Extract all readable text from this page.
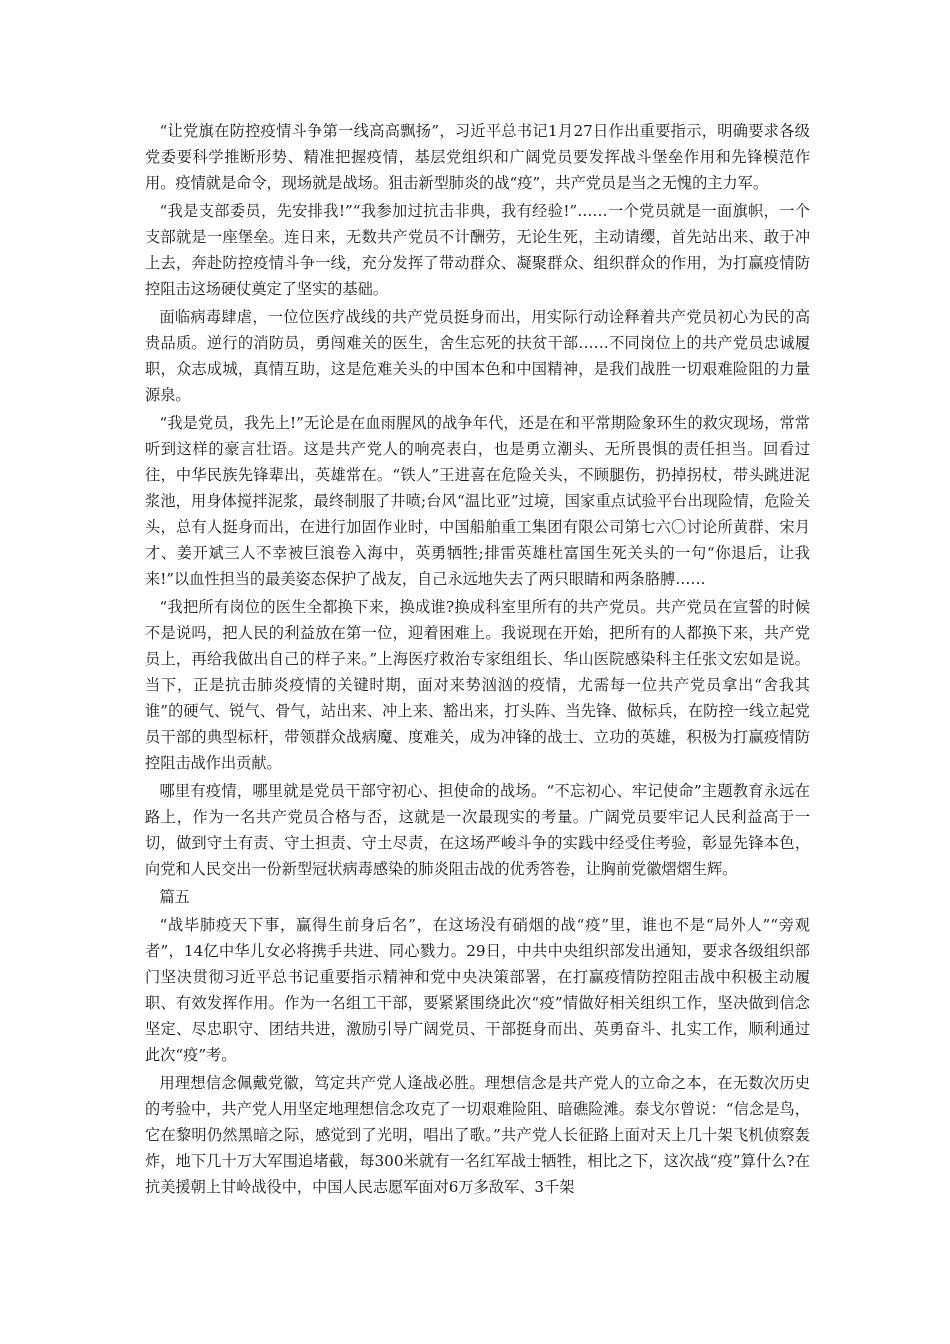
“让党旗在防控疫情斗争第一线高高飘扬”，习近平总书记1月27日作出重要指示，明确要求各级党委要科学推断形势、精准把握疫情，基层党组织和广阔党员要发挥战斗堡垒作用和先锋模范作用。疫情就是命令，现场就是战场。狙击新型肺炎的战“疫”，共产党员是当之无愧的主力军。

“我是支部委员，先安排我!”“我参加过抗击非典，我有经验!”……一个党员就是一面旗帜，一个支部就是一座堡垒。连日来，无数共产党员不计酬劳，无论生死，主动请缨，首先站出来、敢于冲上去，奔赴防控疫情斗争一线，充分发挥了带动群众、凝聚群众、组织群众的作用，为打赢疫情防控阻击这场硬仗奠定了坚实的基础。

面临病毒肆虐，一位位医疗战线的共产党员挺身而出，用实际行动诠释着共产党员初心为民的高贵品质。逆行的消防员，勇闯难关的医生，舍生忘死的扶贫干部……不同岗位上的共产党员忠诚履职，众志成城，真情互助，这是危难关头的中国本色和中国精神，是我们战胜一切艰难险阻的力量源泉。

“我是党员，我先上!”无论是在血雨腥风的战争年代，还是在和平常期险象环生的救灾现场，常常听到这样的豪言壮语。这是共产党人的响亮表白，也是勇立潮头、无所畏惧的责任担当。回看过往，中华民族先锋辈出，英雄常在。“铁人”王进喜在危险关头，不顾腿伤，扔掉拐杖，带头跳进泥浆池，用身体搅拌泥浆，最终制服了井喷;台风“温比亚”过境，国家重点试验平台出现险情，危险关头，总有人挺身而出，在进行加固作业时，中国船舶重工集团有限公司第七六〇讨论所黄群、宋月才、姜开斌三人不幸被巨浪卷入海中，英勇牺牲;排雷英雄杜富国生死关头的一句“你退后，让我来!”以血性担当的最美姿态保护了战友，自己永远地失去了两只眼睛和两条胳膊……

“我把所有岗位的医生全都换下来，换成谁?换成科室里所有的共产党员。共产党员在宣誓的时候不是说吗，把人民的利益放在第一位，迎着困难上。我说现在开始，把所有的人都换下来，共产党员上，再给我做出自己的样子来。”上海医疗救治专家组组长、华山医院感染科主任张文宏如是说。当下，正是抗击肺炎疫情的关键时期，面对来势汹汹的疫情，尤需每一位共产党员拿出“舍我其谁”的硬气、锐气、骨气，站出来、冲上来、豁出来，打头阵、当先锋、做标兵，在防控一线立起党员干部的典型标杆，带领群众战病魔、度难关，成为冲锋的战士、立功的英雄，积极为打赢疫情防控阻击战作出贡献。

哪里有疫情，哪里就是党员干部守初心、担使命的战场。“不忘初心、牢记使命”主题教育永远在路上，作为一名共产党员合格与否，这就是一次最现实的考量。广阔党员要牢记人民利益高于一切，做到守土有责、守土担责、守土尽责，在这场严峻斗争的实践中经受住考验，彰显先锋本色，向党和人民交出一份新型冠状病毒感染的肺炎阻击战的优秀答卷，让胸前党徽熠熠生辉。

篇五

“战毕肺疫天下事，赢得生前身后名”，在这场没有硝烟的战“疫”里，谁也不是“局外人”“旁观者”，14亿中华儿女必将携手共进、同心戮力。29日，中共中央组织部发出通知，要求各级组织部门坚决贯彻习近平总书记重要指示精神和党中央决策部署，在打赢疫情防控阻击战中积极主动履职、有效发挥作用。作为一名组工干部，要紧紧围绕此次“疫”情做好相关组织工作，坚决做到信念坚定、尽忠职守、团结共进，激励引导广阔党员、干部挺身而出、英勇奋斗、扎实工作，顺利通过此次“疫”考。

用理想信念佩戴党徽，笃定共产党人逢战必胜。理想信念是共产党人的立命之本，在无数次历史的考验中，共产党人用坚定地理想信念攻克了一切艰难险阻、暗礁险滩。泰戈尔曾说：“信念是鸟，它在黎明仍然黑暗之际，感觉到了光明，唱出了歌。”共产党人长征路上面对天上几十架飞机侦察轰炸，地下几十万大军围追堵截，每300米就有一名红军战士牺牲，相比之下，这次战“疫”算什么?在抗美援朝上甘岭战役中，中国人民志愿军面对6万多敌军、3千架
